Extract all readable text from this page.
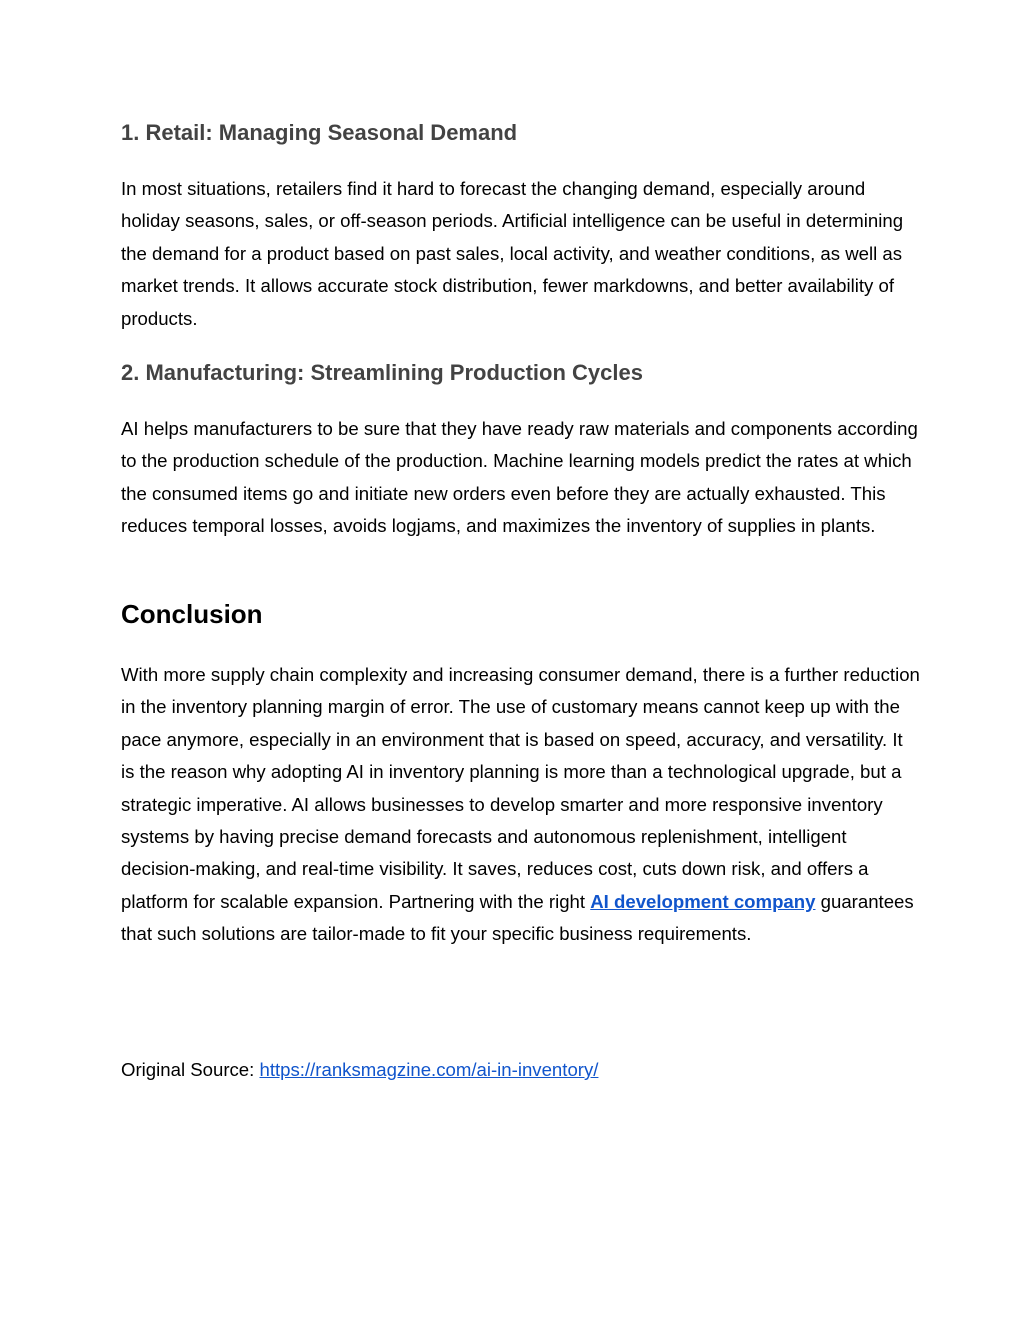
1. Retail: Managing Seasonal Demand

In most situations, retailers find it hard to forecast the changing demand, especially around holiday seasons, sales, or off-season periods. Artificial intelligence can be useful in determining the demand for a product based on past sales, local activity, and weather conditions, as well as market trends. It allows accurate stock distribution, fewer markdowns, and better availability of products.

2. Manufacturing: Streamlining Production Cycles

AI helps manufacturers to be sure that they have ready raw materials and components according to the production schedule of the production. Machine learning models predict the rates at which the consumed items go and initiate new orders even before they are actually exhausted. This reduces temporal losses, avoids logjams, and maximizes the inventory of supplies in plants.

Conclusion

With more supply chain complexity and increasing consumer demand, there is a further reduction in the inventory planning margin of error. The use of customary means cannot keep up with the pace anymore, especially in an environment that is based on speed, accuracy, and versatility. It is the reason why adopting AI in inventory planning is more than a technological upgrade, but a strategic imperative. AI allows businesses to develop smarter and more responsive inventory systems by having precise demand forecasts and autonomous replenishment, intelligent decision-making, and real-time visibility. It saves, reduces cost, cuts down risk, and offers a platform for scalable expansion. Partnering with the right AI development company guarantees that such solutions are tailor-made to fit your specific business requirements.

Original Source: https://ranksmagzine.com/ai-in-inventory/
